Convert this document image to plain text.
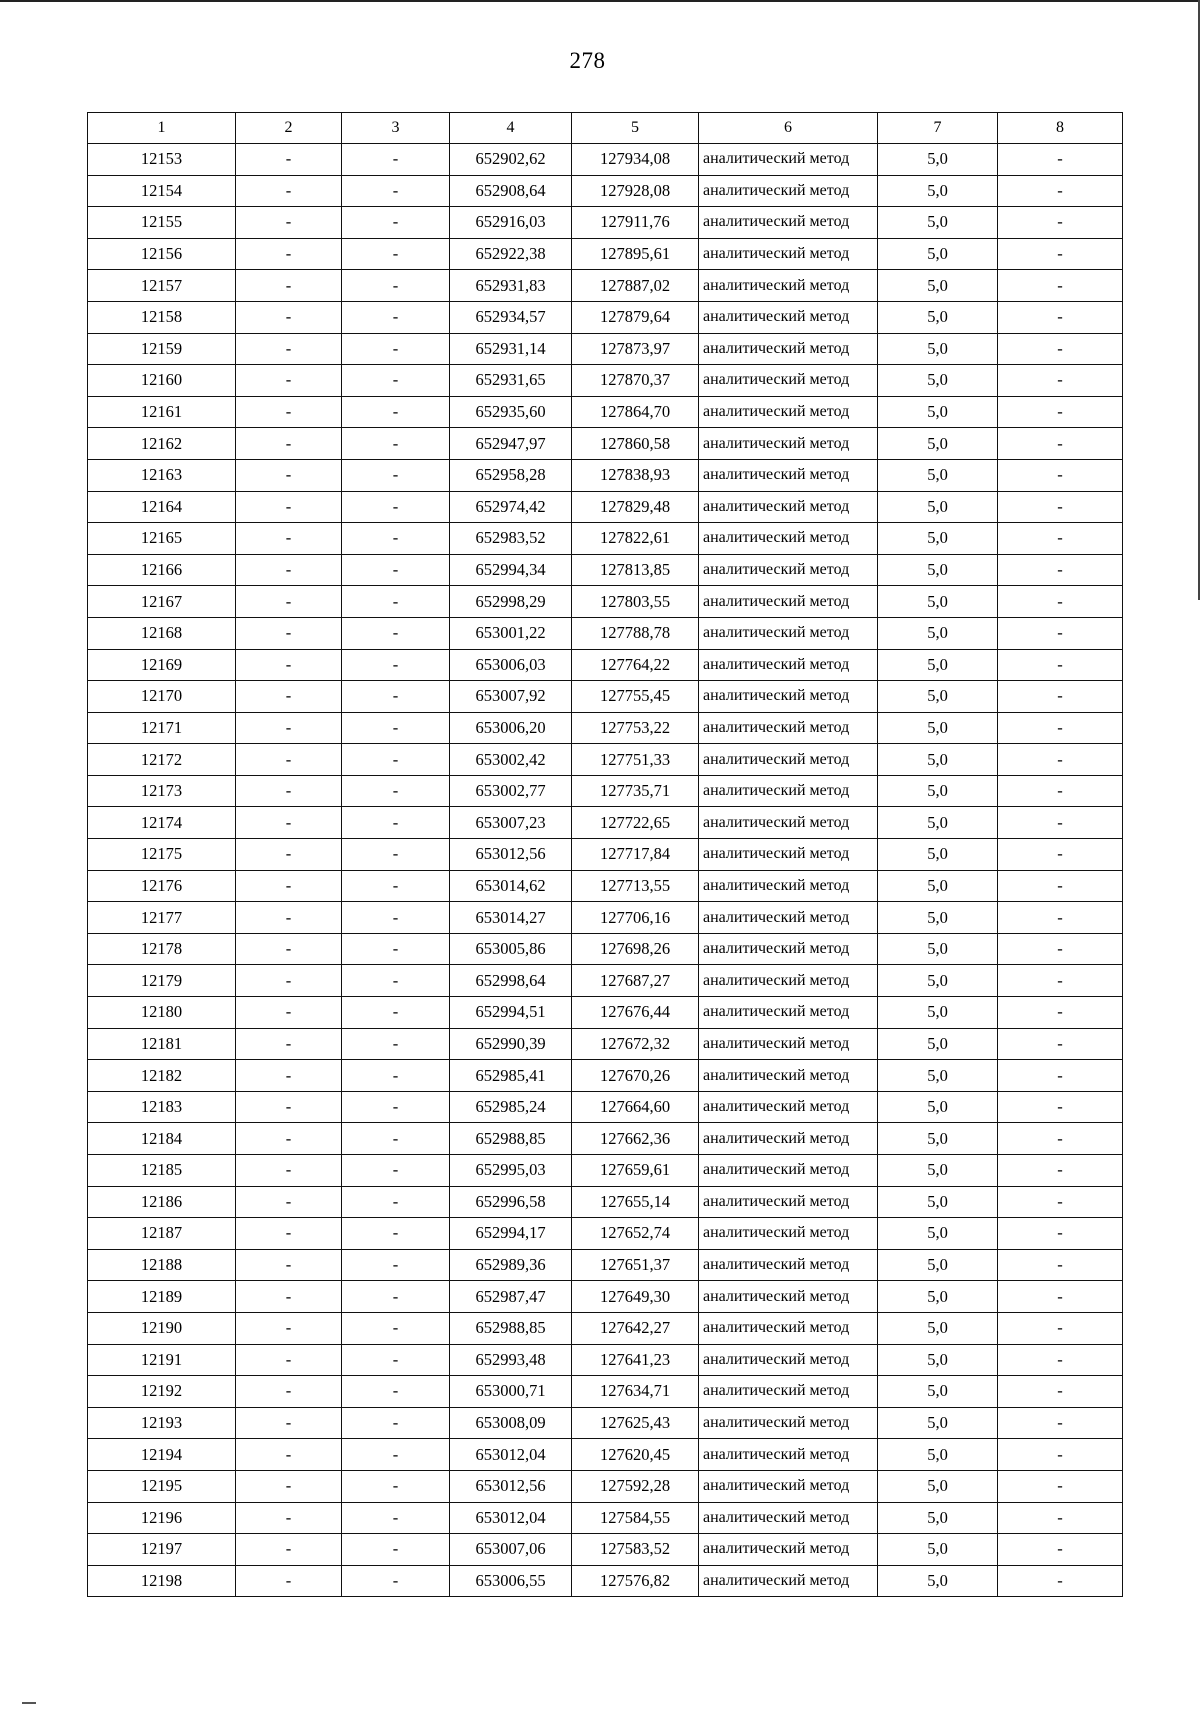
278
1	2	3	4	5	6	7	8
12153	-	-	652902,62	127934,08	аналитический метод	5,0	-
12154	-	-	652908,64	127928,08	аналитический метод	5,0	-
12155	-	-	652916,03	127911,76	аналитический метод	5,0	-
12156	-	-	652922,38	127895,61	аналитический метод	5,0	-
12157	-	-	652931,83	127887,02	аналитический метод	5,0	-
12158	-	-	652934,57	127879,64	аналитический метод	5,0	-
12159	-	-	652931,14	127873,97	аналитический метод	5,0	-
12160	-	-	652931,65	127870,37	аналитический метод	5,0	-
12161	-	-	652935,60	127864,70	аналитический метод	5,0	-
12162	-	-	652947,97	127860,58	аналитический метод	5,0	-
12163	-	-	652958,28	127838,93	аналитический метод	5,0	-
12164	-	-	652974,42	127829,48	аналитический метод	5,0	-
12165	-	-	652983,52	127822,61	аналитический метод	5,0	-
12166	-	-	652994,34	127813,85	аналитический метод	5,0	-
12167	-	-	652998,29	127803,55	аналитический метод	5,0	-
12168	-	-	653001,22	127788,78	аналитический метод	5,0	-
12169	-	-	653006,03	127764,22	аналитический метод	5,0	-
12170	-	-	653007,92	127755,45	аналитический метод	5,0	-
12171	-	-	653006,20	127753,22	аналитический метод	5,0	-
12172	-	-	653002,42	127751,33	аналитический метод	5,0	-
12173	-	-	653002,77	127735,71	аналитический метод	5,0	-
12174	-	-	653007,23	127722,65	аналитический метод	5,0	-
12175	-	-	653012,56	127717,84	аналитический метод	5,0	-
12176	-	-	653014,62	127713,55	аналитический метод	5,0	-
12177	-	-	653014,27	127706,16	аналитический метод	5,0	-
12178	-	-	653005,86	127698,26	аналитический метод	5,0	-
12179	-	-	652998,64	127687,27	аналитический метод	5,0	-
12180	-	-	652994,51	127676,44	аналитический метод	5,0	-
12181	-	-	652990,39	127672,32	аналитический метод	5,0	-
12182	-	-	652985,41	127670,26	аналитический метод	5,0	-
12183	-	-	652985,24	127664,60	аналитический метод	5,0	-
12184	-	-	652988,85	127662,36	аналитический метод	5,0	-
12185	-	-	652995,03	127659,61	аналитический метод	5,0	-
12186	-	-	652996,58	127655,14	аналитический метод	5,0	-
12187	-	-	652994,17	127652,74	аналитический метод	5,0	-
12188	-	-	652989,36	127651,37	аналитический метод	5,0	-
12189	-	-	652987,47	127649,30	аналитический метод	5,0	-
12190	-	-	652988,85	127642,27	аналитический метод	5,0	-
12191	-	-	652993,48	127641,23	аналитический метод	5,0	-
12192	-	-	653000,71	127634,71	аналитический метод	5,0	-
12193	-	-	653008,09	127625,43	аналитический метод	5,0	-
12194	-	-	653012,04	127620,45	аналитический метод	5,0	-
12195	-	-	653012,56	127592,28	аналитический метод	5,0	-
12196	-	-	653012,04	127584,55	аналитический метод	5,0	-
12197	-	-	653007,06	127583,52	аналитический метод	5,0	-
12198	-	-	653006,55	127576,82	аналитический метод	5,0	-
